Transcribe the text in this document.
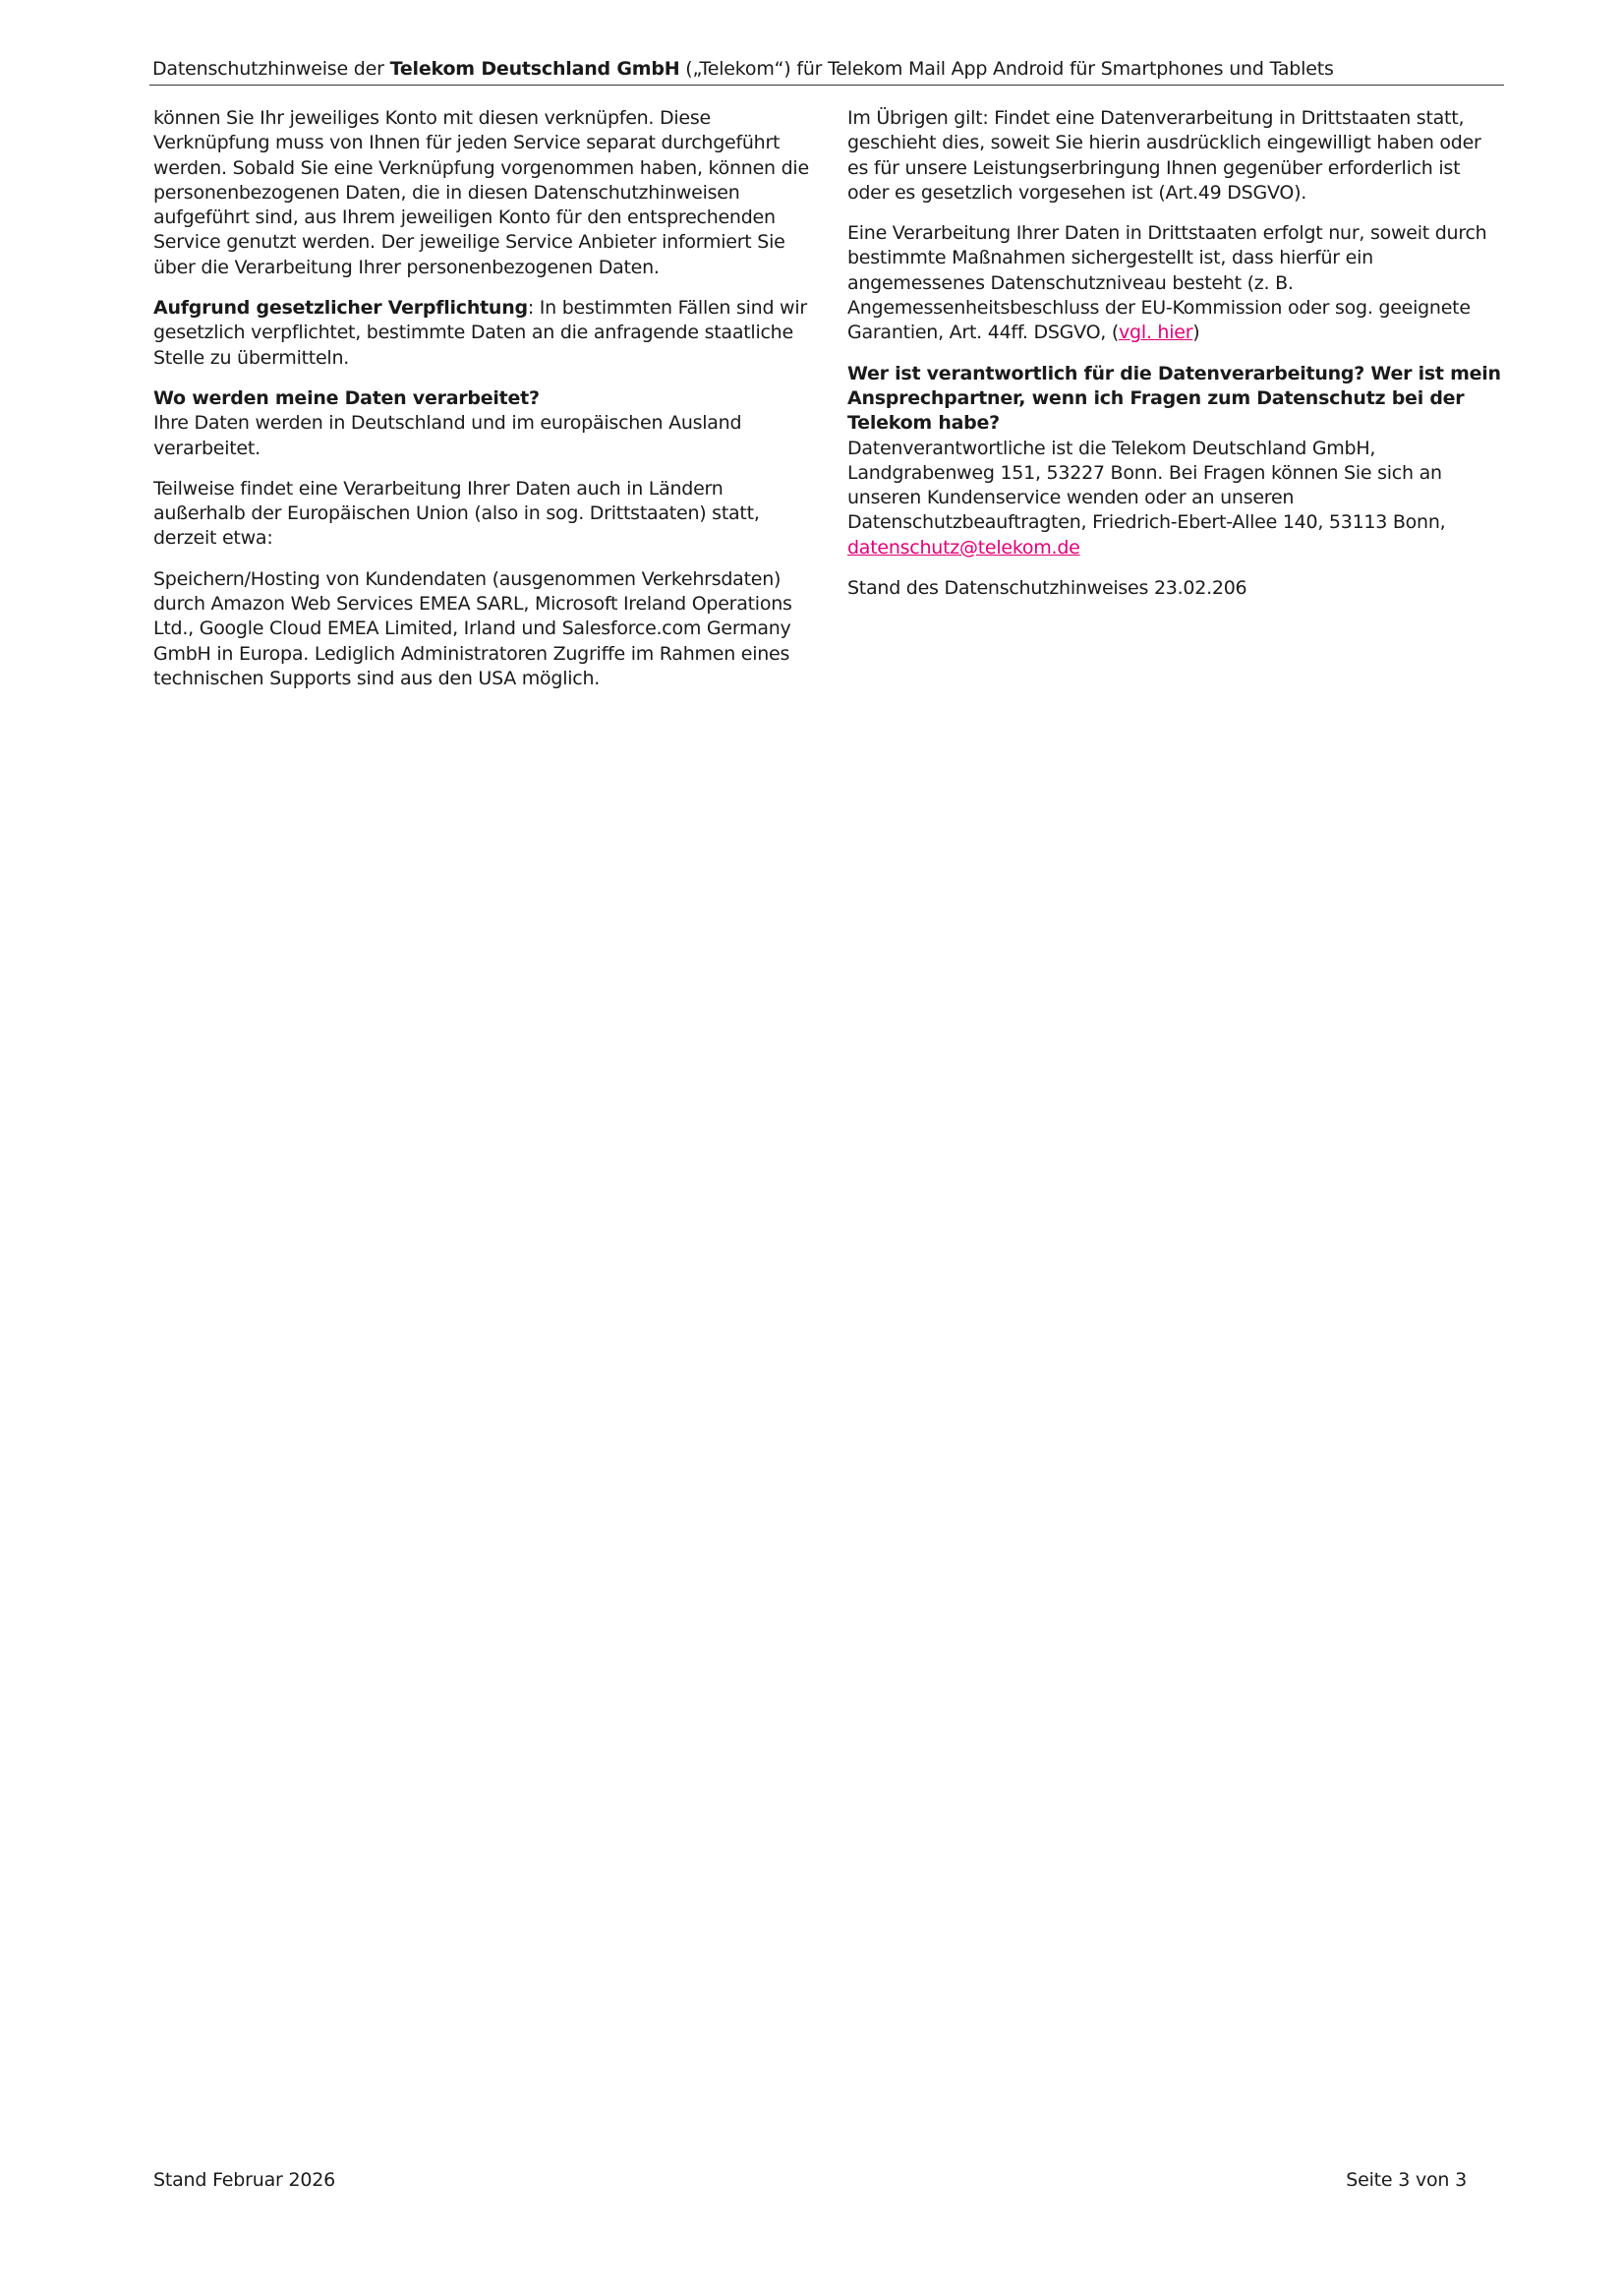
Datenschutzhinweise der Telekom Deutschland GmbH („Telekom“) für Telekom Mail App Android für Smartphones und Tablets

können Sie Ihr jeweiliges Konto mit diesen verknüpfen. Diese Verknüpfung muss von Ihnen für jeden Service separat durchgeführt werden. Sobald Sie eine Verknüpfung vorgenommen haben, können die personenbezogenen Daten, die in diesen Datenschutzhinweisen aufgeführt sind, aus Ihrem jeweiligen Konto für den entsprechenden Service genutzt werden. Der jeweilige Service Anbieter informiert Sie über die Verarbeitung Ihrer personenbezogenen Daten.

Aufgrund gesetzlicher Verpflichtung: In bestimmten Fällen sind wir gesetzlich verpflichtet, bestimmte Daten an die anfragende staatliche Stelle zu übermitteln.

Wo werden meine Daten verarbeitet?
Ihre Daten werden in Deutschland und im europäischen Ausland verarbeitet.

Teilweise findet eine Verarbeitung Ihrer Daten auch in Ländern außerhalb der Europäischen Union (also in sog. Drittstaaten) statt, derzeit etwa:

Speichern/Hosting von Kundendaten (ausgenommen Verkehrsdaten) durch Amazon Web Services EMEA SARL, Microsoft Ireland Operations Ltd., Google Cloud EMEA Limited, Irland und Salesforce.com Germany GmbH in Europa. Lediglich Administratoren Zugriffe im Rahmen eines technischen Supports sind aus den USA möglich.

Im Übrigen gilt: Findet eine Datenverarbeitung in Drittstaaten statt, geschieht dies, soweit Sie hierin ausdrücklich eingewilligt haben oder es für unsere Leistungserbringung Ihnen gegenüber erforderlich ist oder es gesetzlich vorgesehen ist (Art.49 DSGVO).

Eine Verarbeitung Ihrer Daten in Drittstaaten erfolgt nur, soweit durch bestimmte Maßnahmen sichergestellt ist, dass hierfür ein angemessenes Datenschutzniveau besteht (z. B. Angemessenheitsbeschluss der EU-Kommission oder sog. geeignete Garantien, Art. 44ff. DSGVO, (vgl. hier)

Wer ist verantwortlich für die Datenverarbeitung? Wer ist mein Ansprechpartner, wenn ich Fragen zum Datenschutz bei der Telekom habe?
Datenverantwortliche ist die Telekom Deutschland GmbH, Landgrabenweg 151, 53227 Bonn. Bei Fragen können Sie sich an unseren Kundenservice wenden oder an unseren Datenschutzbeauftragten, Friedrich-Ebert-Allee 140, 53113 Bonn, datenschutz@telekom.de

Stand des Datenschutzhinweises 23.02.206

Stand Februar 2026	Seite 3 von 3
